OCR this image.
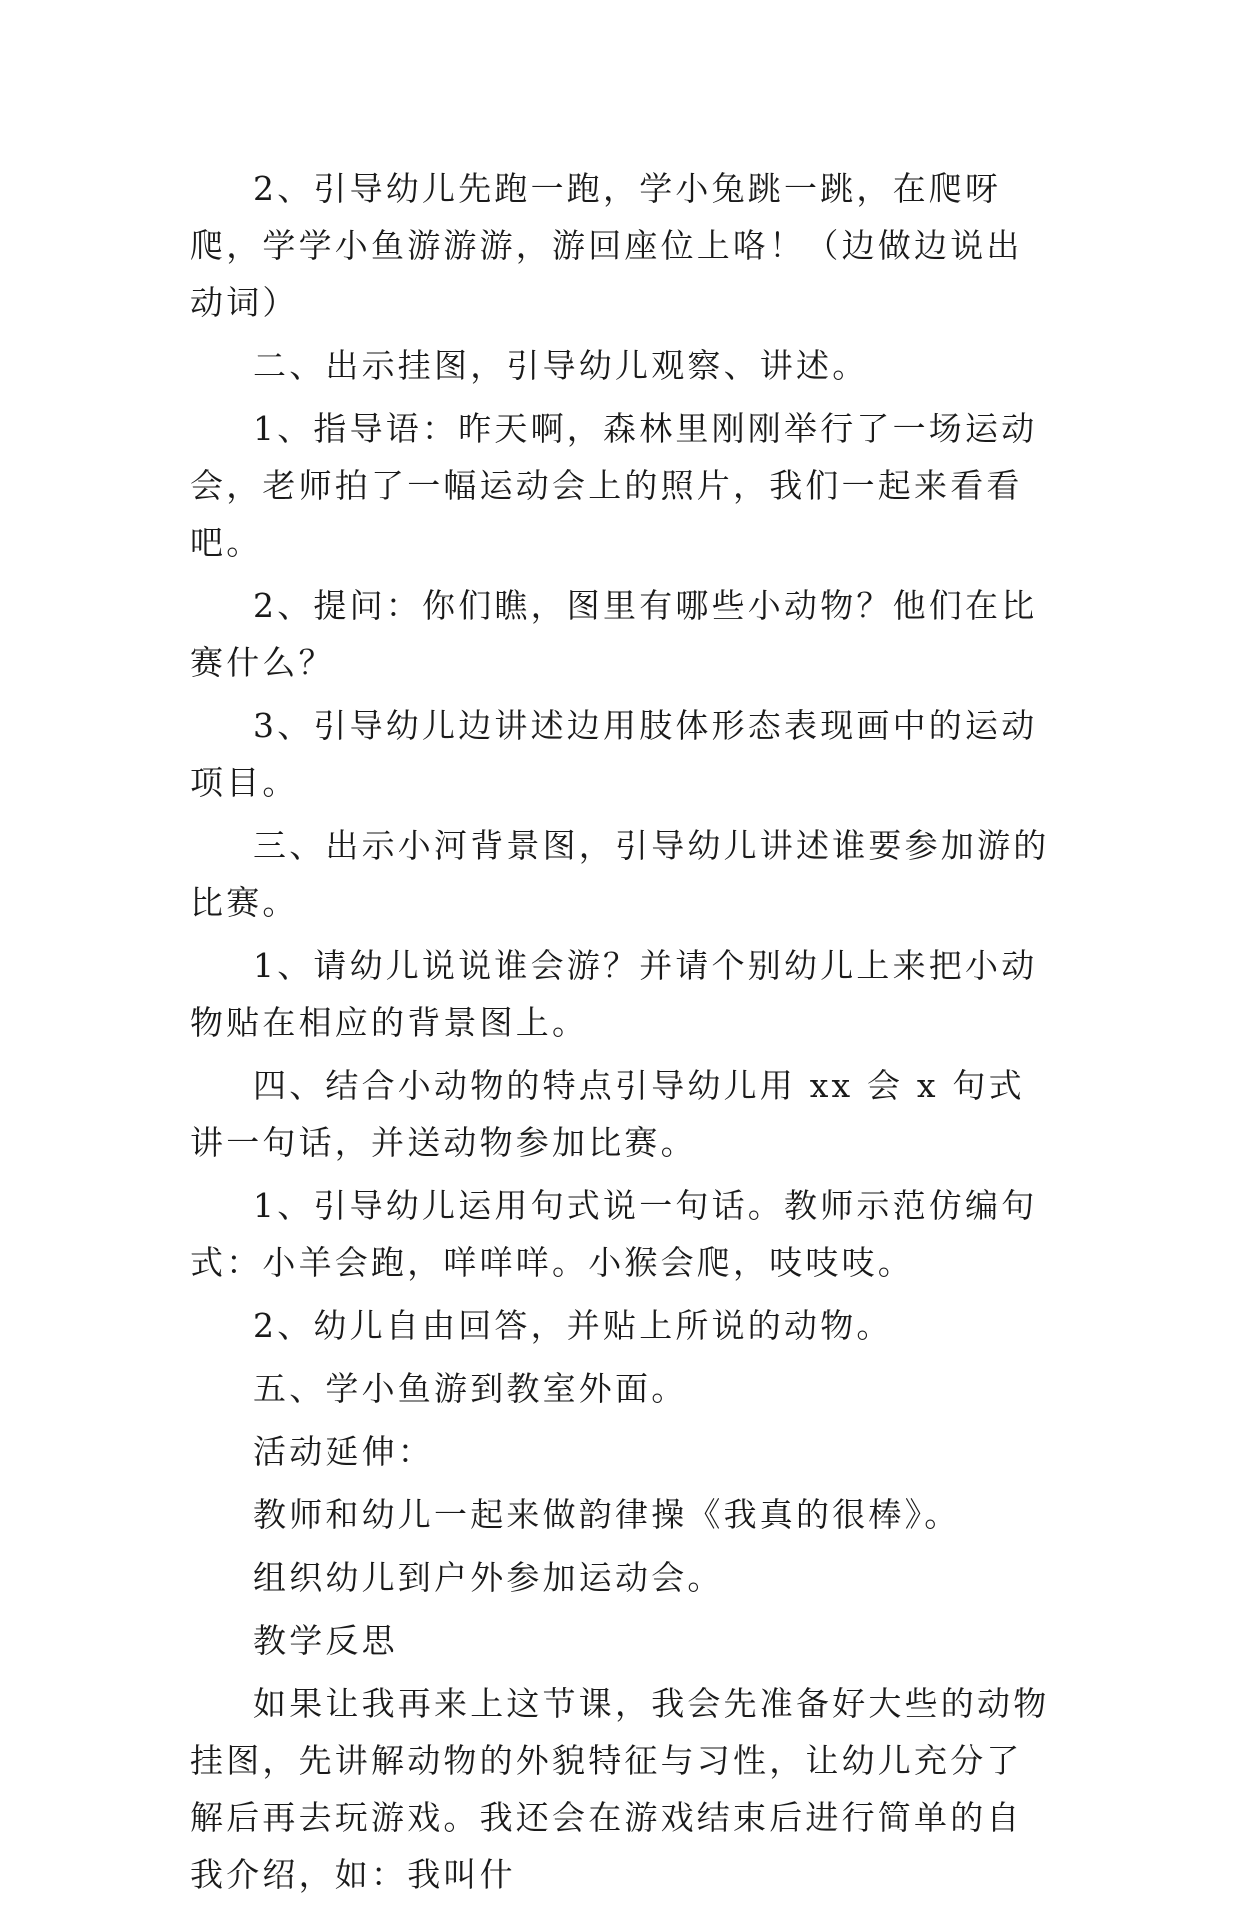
2、引导幼儿先跑一跑，学小兔跳一跳，在爬呀爬，学学小鱼游游游，游回座位上咯！（边做边说出动词）

二、出示挂图，引导幼儿观察、讲述。

1、指导语：昨天啊，森林里刚刚举行了一场运动会，老师拍了一幅运动会上的照片，我们一起来看看吧。

2、提问：你们瞧，图里有哪些小动物？他们在比赛什么？

3、引导幼儿边讲述边用肢体形态表现画中的运动项目。

三、出示小河背景图，引导幼儿讲述谁要参加游的比赛。

1、请幼儿说说谁会游？并请个别幼儿上来把小动物贴在相应的背景图上。

四、结合小动物的特点引导幼儿用 xx 会 x 句式讲一句话，并送动物参加比赛。

1、引导幼儿运用句式说一句话。教师示范仿编句式：小羊会跑，咩咩咩。小猴会爬，吱吱吱。

2、幼儿自由回答，并贴上所说的动物。

五、学小鱼游到教室外面。

活动延伸：

教师和幼儿一起来做韵律操《我真的很棒》。

组织幼儿到户外参加运动会。

教学反思

如果让我再来上这节课，我会先准备好大些的动物挂图，先讲解动物的外貌特征与习性，让幼儿充分了解后再去玩游戏。我还会在游戏结束后进行简单的自我介绍，如：我叫什
